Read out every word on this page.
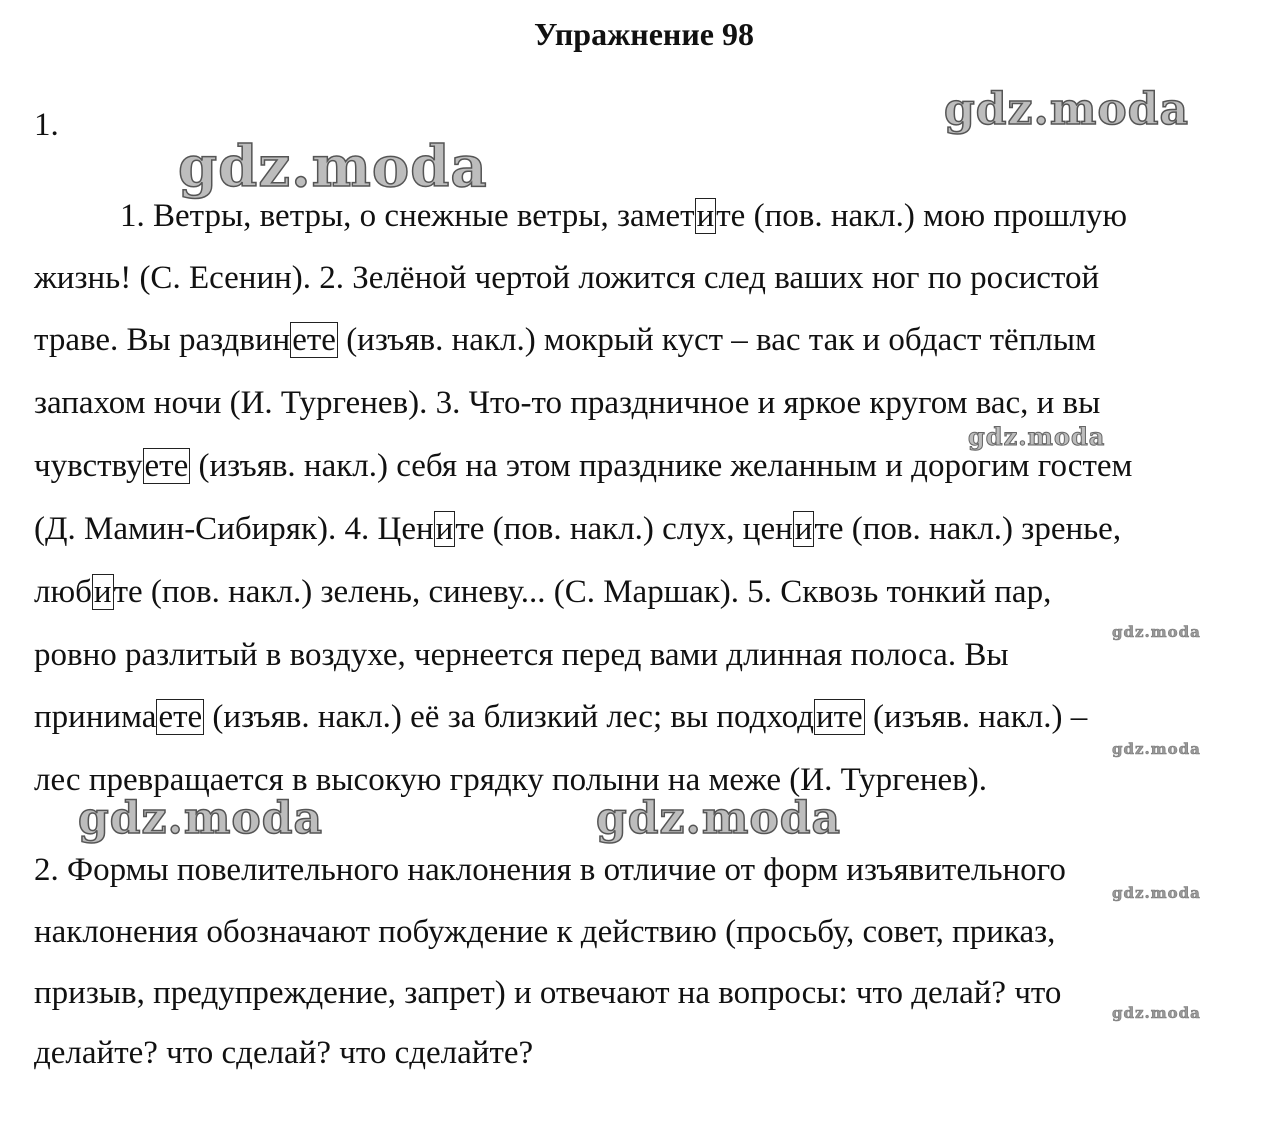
Упражнение 98
1.
1. Ветры, ветры, о снежные ветры, заметите (пов. накл.) мою прошлую
жизнь! (С. Есенин). 2. Зелёной чертой ложится след ваших ног по росистой
траве. Вы раздвинете (изъяв. накл.) мокрый куст – вас так и обдаст тёплым
запахом ночи (И. Тургенев). 3. Что-то праздничное и яркое кругом вас, и вы
чувствуете (изъяв. накл.) себя на этом празднике желанным и дорогим гостем
(Д. Мамин-Сибиряк). 4. Цените (пов. накл.) слух, цените (пов. накл.) зренье,
любите (пов. накл.) зелень, синеву... (С. Маршак). 5. Сквозь тонкий пар,
ровно разлитый в воздухе, чернеется перед вами длинная полоса. Вы
принимаете (изъяв. накл.) её за близкий лес; вы подходите (изъяв. накл.) –
лес превращается в высокую грядку полыни на меже (И. Тургенев).
2. Формы повелительного наклонения в отличие от форм изъявительного
наклонения обозначают побуждение к действию (просьбу, совет, приказ,
призыв, предупреждение, запрет) и отвечают на вопросы: что делай? что
делайте? что сделай? что сделайте?
gdz.moda
gdz.moda
gdz.moda
gdz.moda
gdz.moda
gdz.moda	gdz.moda
gdz.moda
gdz.moda
